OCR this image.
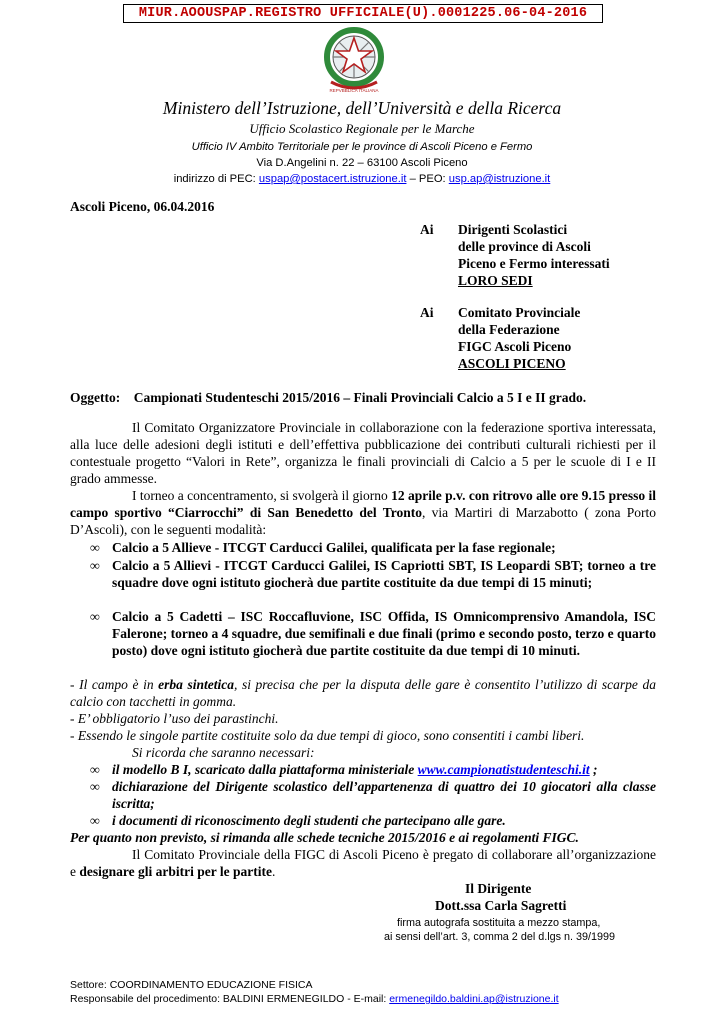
MIUR.AOOUSPAP.REGISTRO UFFICIALE(U).0001225.06-04-2016
REPVBBLICA ITALIANA
Ministero dell’Istruzione, dell’Università e della Ricerca
Ufficio Scolastico Regionale per le Marche
Ufficio IV Ambito Territoriale per le province di Ascoli Piceno e Fermo
Via D.Angelini n. 22 – 63100 Ascoli Piceno
indirizzo di PEC: uspap@postacert.istruzione.it – PEO: usp.ap@istruzione.it
Ascoli Piceno, 06.04.2016
Ai Dirigenti Scolastici
delle province di Ascoli
Piceno e Fermo interessati
LORO SEDI
Ai Comitato Provinciale
della Federazione
FIGC Ascoli Piceno
ASCOLI PICENO
Oggetto: Campionati Studenteschi 2015/2016 – Finali Provinciali Calcio a 5 I e II grado.
Il Comitato Organizzatore Provinciale in collaborazione con la federazione sportiva interessata, alla luce delle adesioni degli istituti e dell’effettiva pubblicazione dei contributi culturali richiesti per il contestuale progetto “Valori in Rete”, organizza le finali provinciali di Calcio a 5 per le scuole di I e II grado ammesse.
I torneo a concentramento, si svolgerà il giorno 12 aprile p.v. con ritrovo alle ore 9.15 presso il campo sportivo “Ciarrocchi” di San Benedetto del Tronto, via Martiri di Marzabotto ( zona Porto D’Ascoli), con le seguenti modalità:
∞ Calcio a 5 Allieve - ITCGT Carducci Galilei, qualificata per la fase regionale;
∞ Calcio a 5 Allievi - ITCGT Carducci Galilei, IS Capriotti SBT, IS Leopardi SBT; torneo a tre squadre dove ogni istituto giocherà due partite costituite da due tempi di 15 minuti;
∞ Calcio a 5 Cadetti – ISC Roccafluvione, ISC Offida, IS Omnicomprensivo Amandola, ISC Falerone; torneo a 4 squadre, due semifinali e due finali (primo e secondo posto, terzo e quarto posto) dove ogni istituto giocherà due partite costituite da due tempi di 10 minuti.
- Il campo è in erba sintetica, si precisa che per la disputa delle gare è consentito l’utilizzo di scarpe da calcio con tacchetti in gomma.
- E’ obbligatorio l’uso dei parastinchi.
- Essendo le singole partite costituite solo da due tempi di gioco, sono consentiti i cambi liberi.
Si ricorda che saranno necessari:
∞ il modello B I, scaricato dalla piattaforma ministeriale www.campionatistudenteschi.it ;
∞ dichiarazione del Dirigente scolastico dell’appartenenza di quattro dei 10 giocatori alla classe iscritta;
∞ i documenti di riconoscimento degli studenti che partecipano alle gare.
Per quanto non previsto, si rimanda alle schede tecniche 2015/2016 e ai regolamenti FIGC.
Il Comitato Provinciale della FIGC di Ascoli Piceno è pregato di collaborare all’organizzazione e designare gli arbitri per le partite.
Il Dirigente
Dott.ssa Carla Sagretti
firma autografa sostituita a mezzo stampa,
ai sensi dell’art. 3, comma 2 del d.lgs n. 39/1999
Settore: COORDINAMENTO EDUCAZIONE FISICA
Responsabile del procedimento: BALDINI ERMENEGILDO - E-mail: ermenegildo.baldini.ap@istruzione.it
